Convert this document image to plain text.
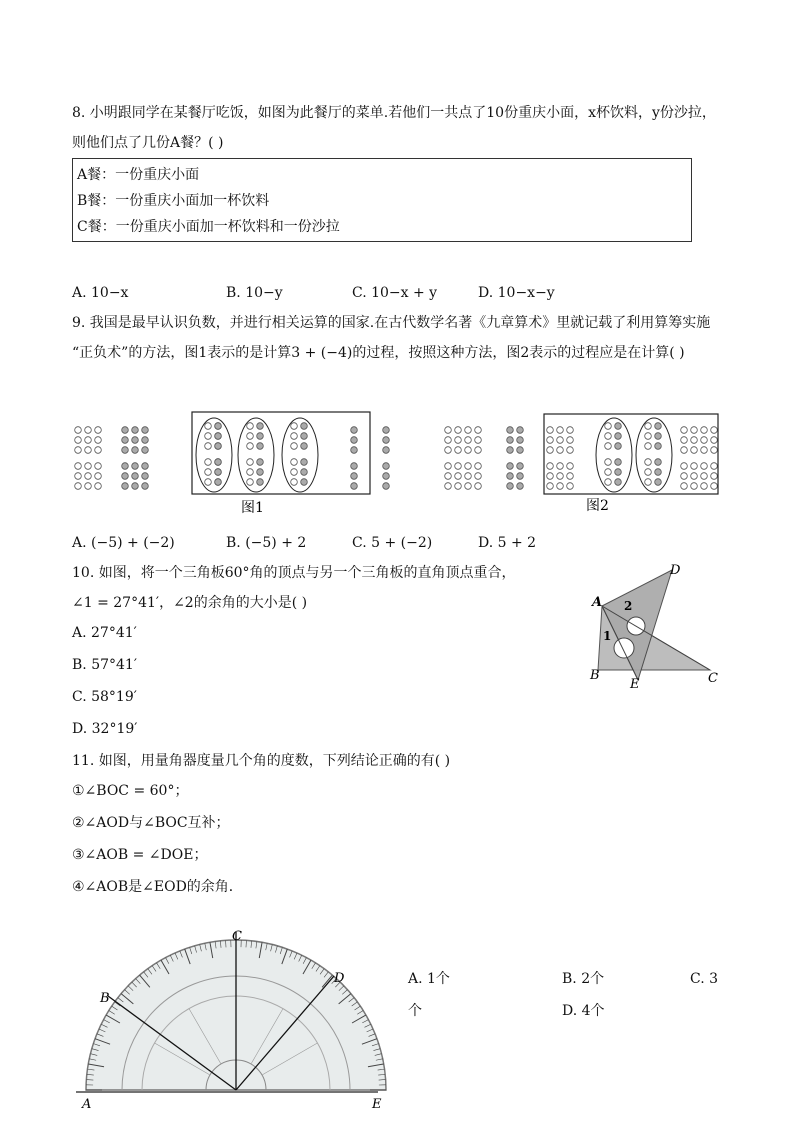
8. 小明跟同学在某餐厅吃饭，如图为此餐厅的菜单.若他们一共点了10份重庆小面，x杯饮料，y份沙拉，
则他们点了几份A餐？( )
A餐：一份重庆小面
B餐：一份重庆小面加一杯饮料
C餐：一份重庆小面加一杯饮料和一份沙拉
A. 10−x	B. 10−y	C. 10−x + y	D. 10−x−y
9. 我国是最早认识负数，并进行相关运算的国家.在古代数学名著《九章算术》里就记载了利用算筹实施
“正负术”的方法，图1表示的是计算3 + (−4)的过程，按照这种方法，图2表示的过程应是在计算( )
图1	图2
A. (−5) + (−2)	B. (−5) + 2	C. 5 + (−2)	D. 5 + 2
10. 如图，将一个三角板60°角的顶点与另一个三角板的直角顶点重合，
∠1 = 27°41′，∠2的余角的大小是( )
A. 27°41′
B. 57°41′
C. 58°19′
D. 32°19′
A
B	C
D
E
1
2
11. 如图，用量角器度量几个角的度数，下列结论正确的有( )
①∠BOC = 60°；
②∠AOD与∠BOC互补；
③∠AOB = ∠DOE；
④∠AOB是∠EOD的余角．
C
B
D
A	E
A. 1个	B. 2个	C. 3
个	D. 4个
